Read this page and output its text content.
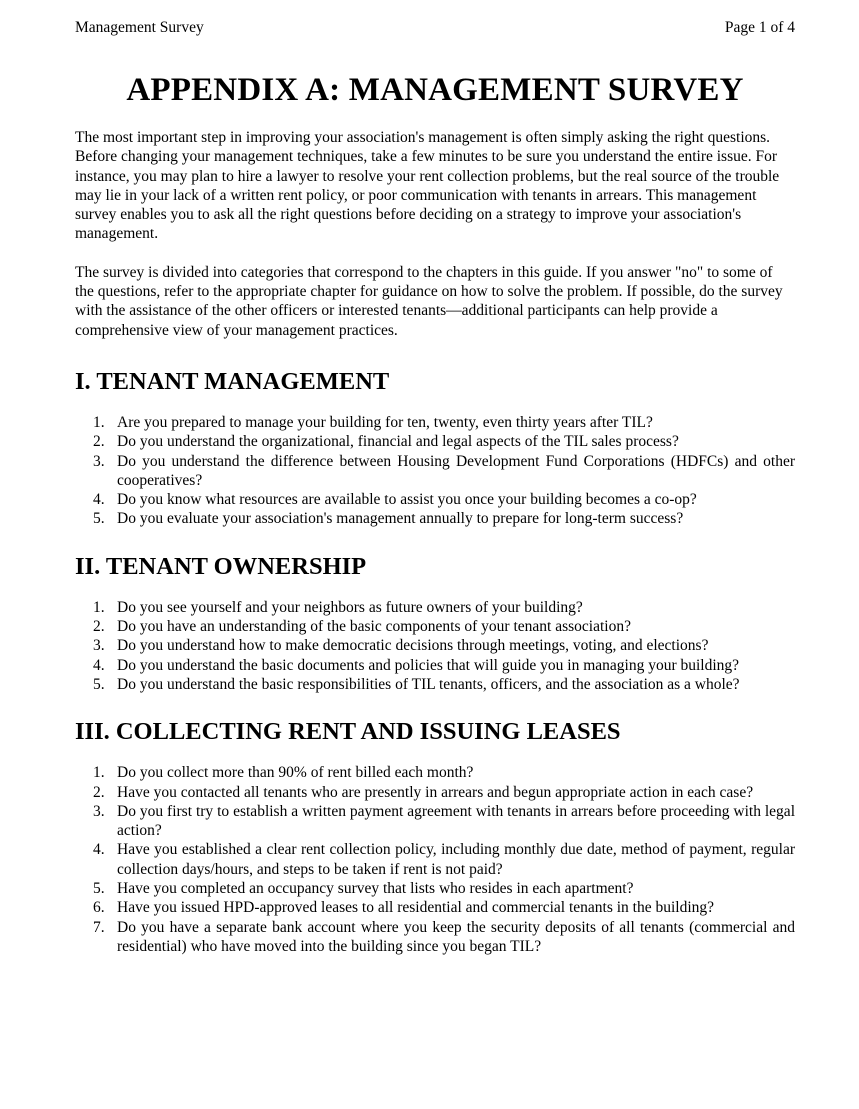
Management Survey	Page 1 of 4
APPENDIX A: MANAGEMENT SURVEY

The most important step in improving your association's management is often simply asking the right questions. Before changing your management techniques, take a few minutes to be sure you understand the entire issue. For instance, you may plan to hire a lawyer to resolve your rent collection problems, but the real source of the trouble may lie in your lack of a written rent policy, or poor communication with tenants in arrears. This management survey enables you to ask all the right questions before deciding on a strategy to improve your association's management.

The survey is divided into categories that correspond to the chapters in this guide. If you answer "no" to some of the questions, refer to the appropriate chapter for guidance on how to solve the problem. If possible, do the survey with the assistance of the other officers or interested tenants—additional participants can help provide a comprehensive view of your management practices.

I. TENANT MANAGEMENT
1. Are you prepared to manage your building for ten, twenty, even thirty years after TIL?
2. Do you understand the organizational, financial and legal aspects of the TIL sales process?
3. Do you understand the difference between Housing Development Fund Corporations (HDFCs) and other cooperatives?
4. Do you know what resources are available to assist you once your building becomes a co-op?
5. Do you evaluate your association's management annually to prepare for long-term success?
II. TENANT OWNERSHIP
1. Do you see yourself and your neighbors as future owners of your building?
2. Do you have an understanding of the basic components of your tenant association?
3. Do you understand how to make democratic decisions through meetings, voting, and elections?
4. Do you understand the basic documents and policies that will guide you in managing your building?
5. Do you understand the basic responsibilities of TIL tenants, officers, and the association as a whole?
III. COLLECTING RENT AND ISSUING LEASES
1. Do you collect more than 90% of rent billed each month?
2. Have you contacted all tenants who are presently in arrears and begun appropriate action in each case?
3. Do you first try to establish a written payment agreement with tenants in arrears before proceeding with legal action?
4. Have you established a clear rent collection policy, including monthly due date, method of payment, regular collection days/hours, and steps to be taken if rent is not paid?
5. Have you completed an occupancy survey that lists who resides in each apartment?
6. Have you issued HPD-approved leases to all residential and commercial tenants in the building?
7. Do you have a separate bank account where you keep the security deposits of all tenants (commercial and residential) who have moved into the building since you began TIL?
